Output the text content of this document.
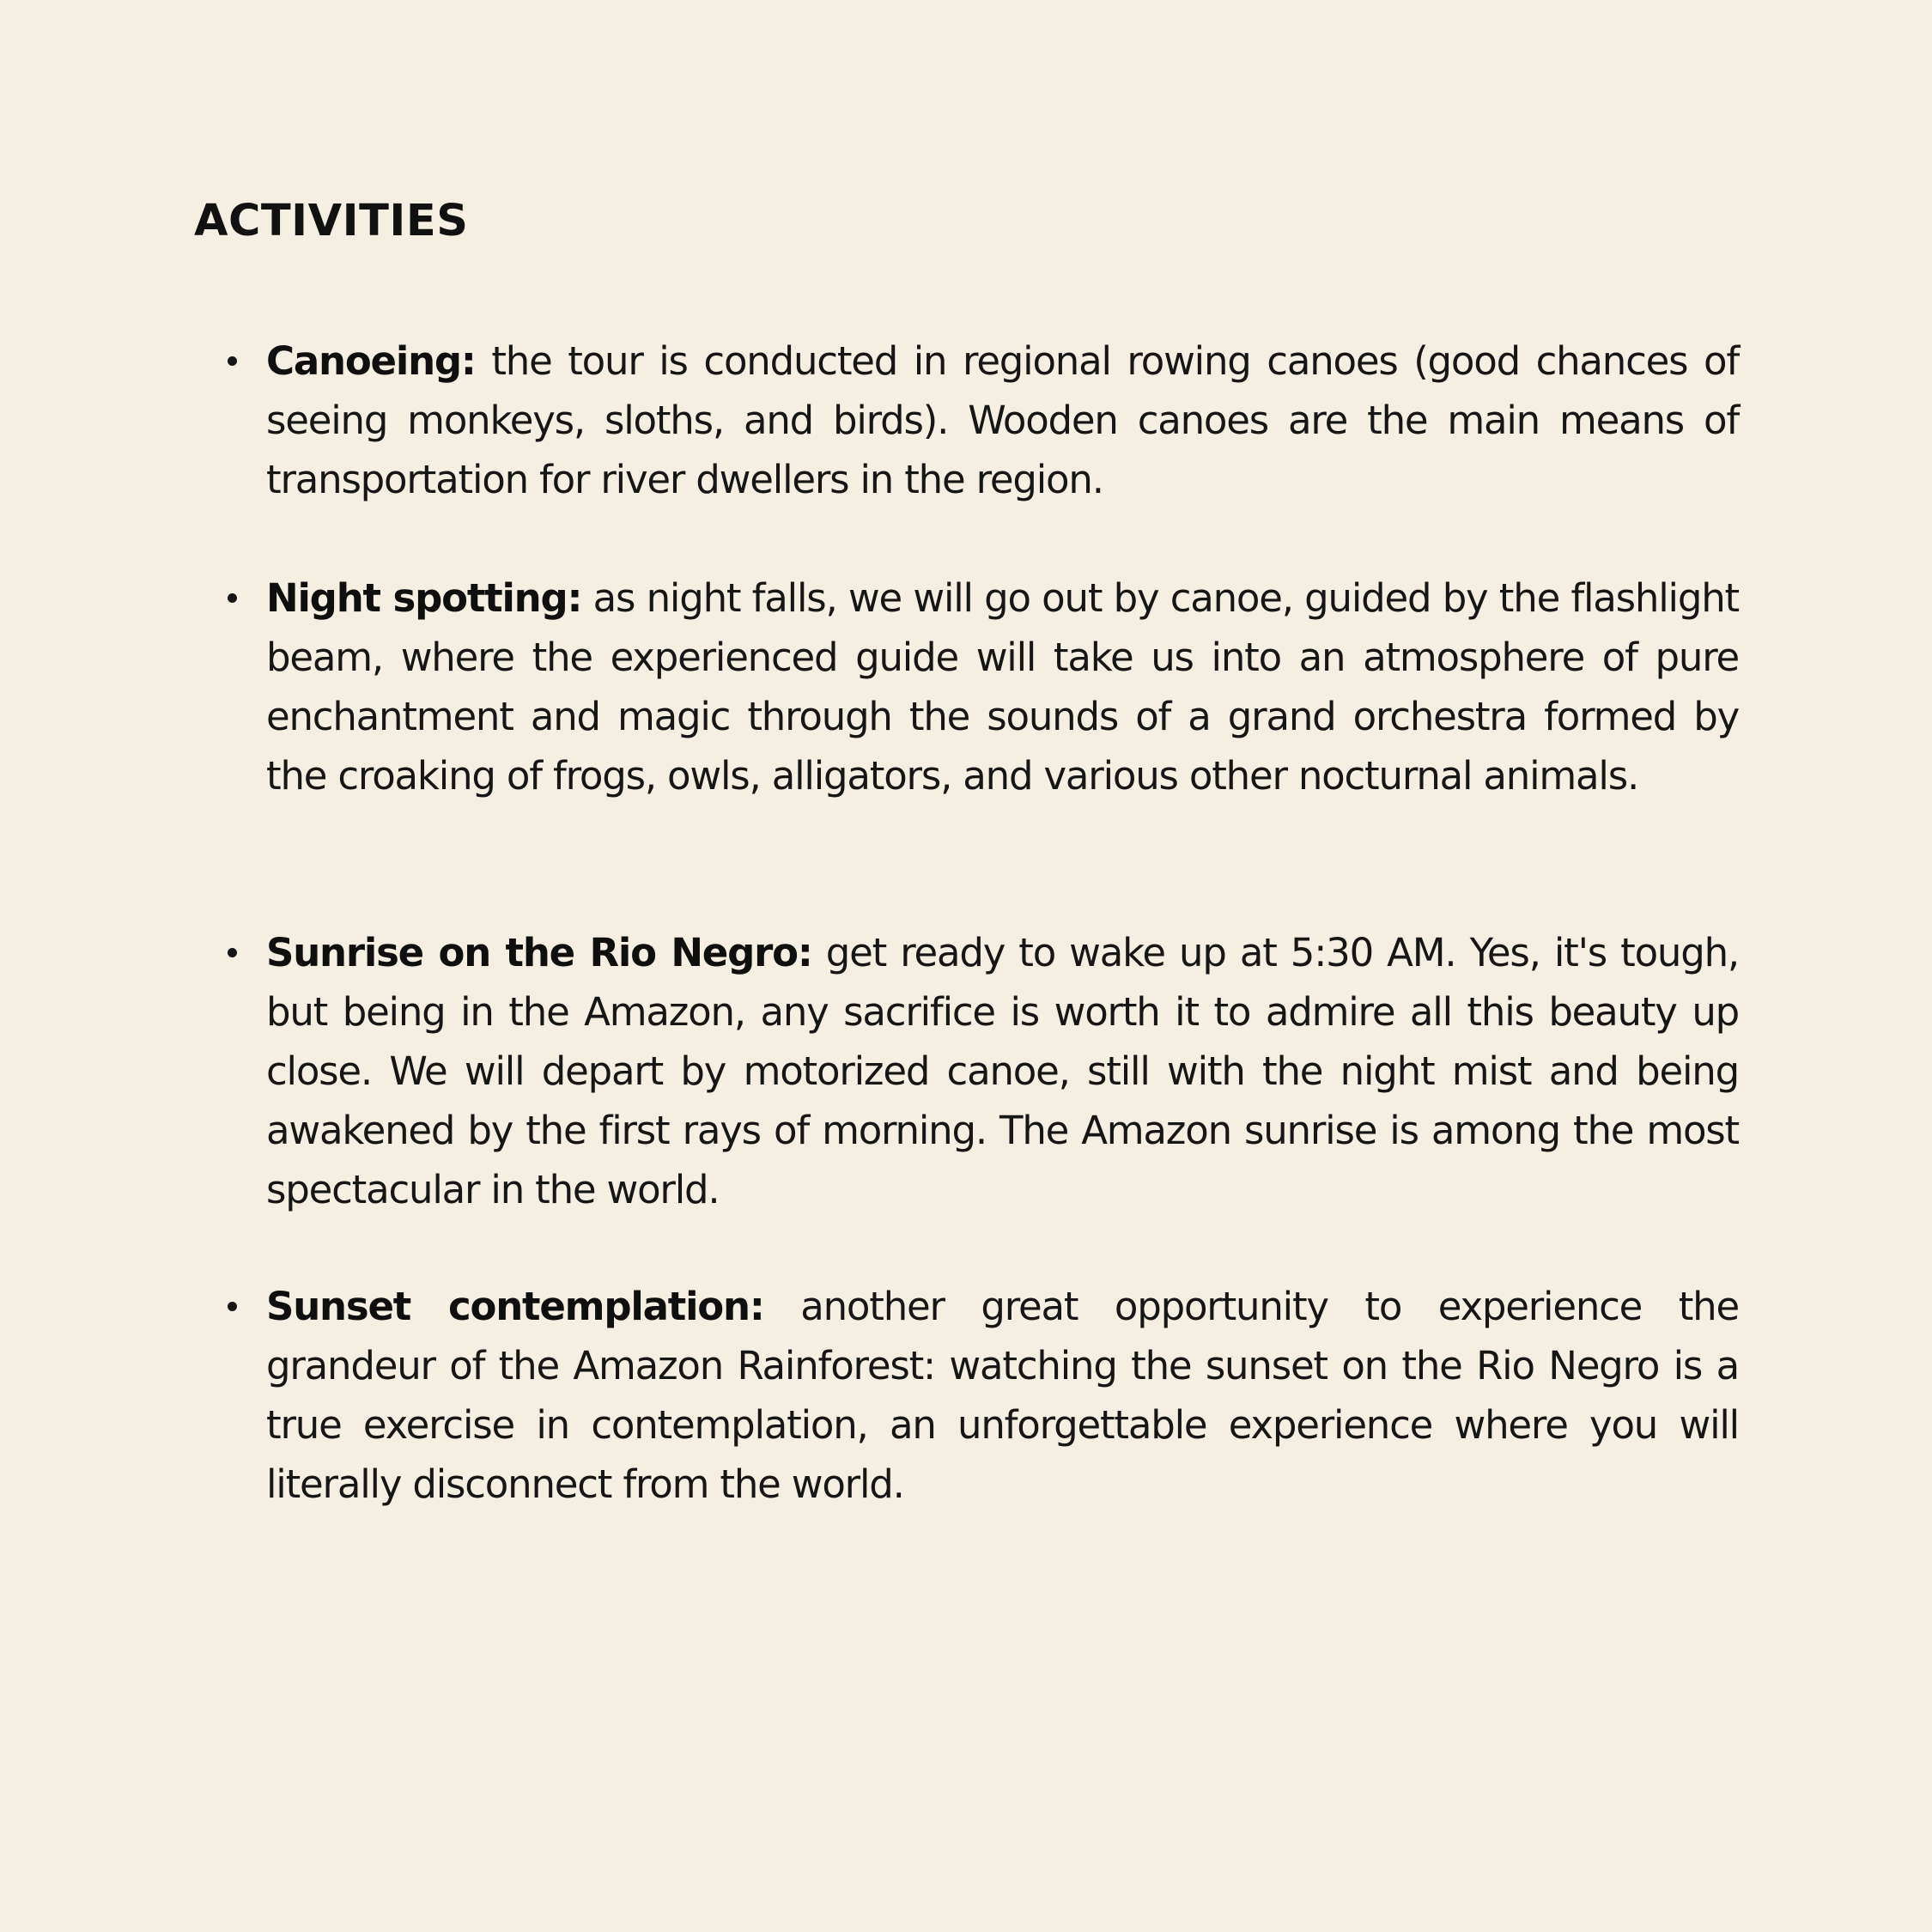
ACTIVITIES
Canoeing: the tour is conducted in regional rowing canoes (good chances of seeing monkeys, sloths, and birds). Wooden canoes are the main means of transportation for river dwellers in the region.
Night spotting: as night falls, we will go out by canoe, guided by the flashlight beam, where the experienced guide will take us into an atmosphere of pure enchantment and magic through the sounds of a grand orchestra formed by the croaking of frogs, owls, alligators, and various other nocturnal animals.
Sunrise on the Rio Negro: get ready to wake up at 5:30 AM. Yes, it's tough, but being in the Amazon, any sacrifice is worth it to admire all this beauty up close. We will depart by motorized canoe, still with the night mist and being awakened by the first rays of morning. The Amazon sunrise is among the most spectacular in the world.
Sunset contemplation: another great opportunity to experience the grandeur of the Amazon Rainforest: watching the sunset on the Rio Negro is a true exercise in contemplation, an unforgettable experience where you will literally disconnect from the world.
